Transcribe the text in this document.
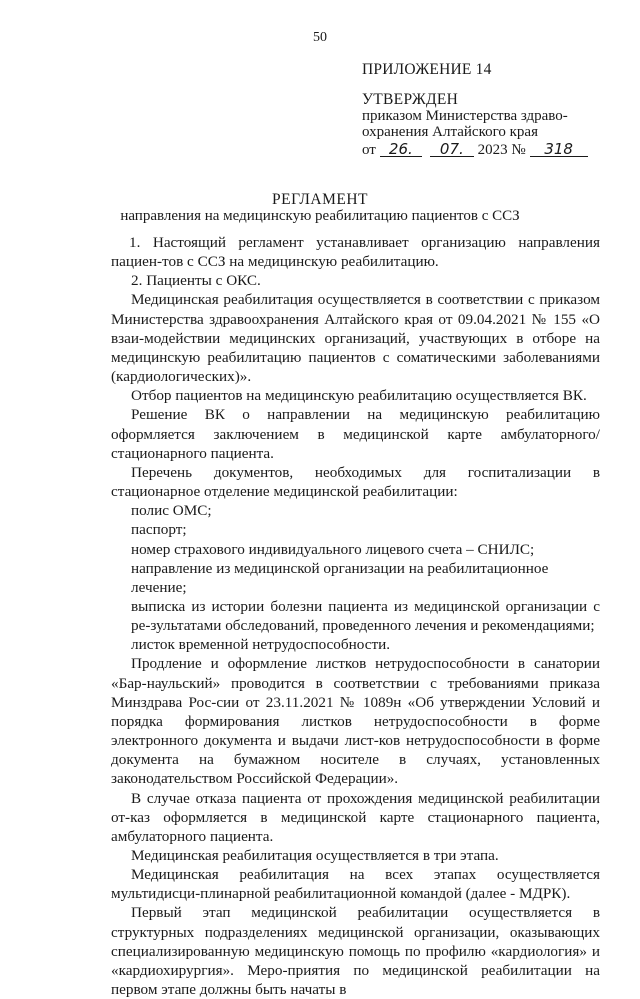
50
ПРИЛОЖЕНИЕ 14
УТВЕРЖДЕН
приказом Министерства здраво-
охранения Алтайского края
от 26. 07. 2023 № 318
РЕГЛАМЕНТ
направления на медицинскую реабилитацию пациентов с ССЗ

1. Настоящий регламент устанавливает организацию направления пациен-тов с ССЗ на медицинскую реабилитацию.

2. Пациенты с ОКС.

Медицинская реабилитация осуществляется в соответствии с приказом Министерства здравоохранения Алтайского края от 09.04.2021 № 155 «О взаи-модействии медицинских организаций, участвующих в отборе на медицинскую реабилитацию пациентов с соматическими заболеваниями (кардиологических)».

Отбор пациентов на медицинскую реабилитацию осуществляется ВК.

Решение ВК о направлении на медицинскую реабилитацию оформляется заключением в медицинской карте амбулаторного/стационарного пациента.

Перечень документов, необходимых для госпитализации в стационарное отделение медицинской реабилитации:

полис ОМС;

паспорт;

номер страхового индивидуального лицевого счета – СНИЛС;

направление из медицинской организации на реабилитационное лечение;

выписка из истории болезни пациента из медицинской организации с ре-зультатами обследований, проведенного лечения и рекомендациями;

листок временной нетрудоспособности.

Продление и оформление листков нетрудоспособности в санатории «Бар-наульский» проводится в соответствии с требованиями приказа Минздрава Рос-сии от 23.11.2021 № 1089н «Об утверждении Условий и порядка формирования листков нетрудоспособности в форме электронного документа и выдачи лист-ков нетрудоспособности в форме документа на бумажном носителе в случаях, установленных законодательством Российской Федерации».

В случае отказа пациента от прохождения медицинской реабилитации от-каз оформляется в медицинской карте стационарного пациента, амбулаторного пациента.

Медицинская реабилитация осуществляется в три этапа.

Медицинская реабилитация на всех этапах осуществляется мультидисци-плинарной реабилитационной командой (далее - МДРК).

Первый этап медицинской реабилитации осуществляется в структурных подразделениях медицинской организации, оказывающих специализированную медицинскую помощь по профилю «кардиология» и «кардиохирургия». Меро-приятия по медицинской реабилитации на первом этапе должны быть начаты в
